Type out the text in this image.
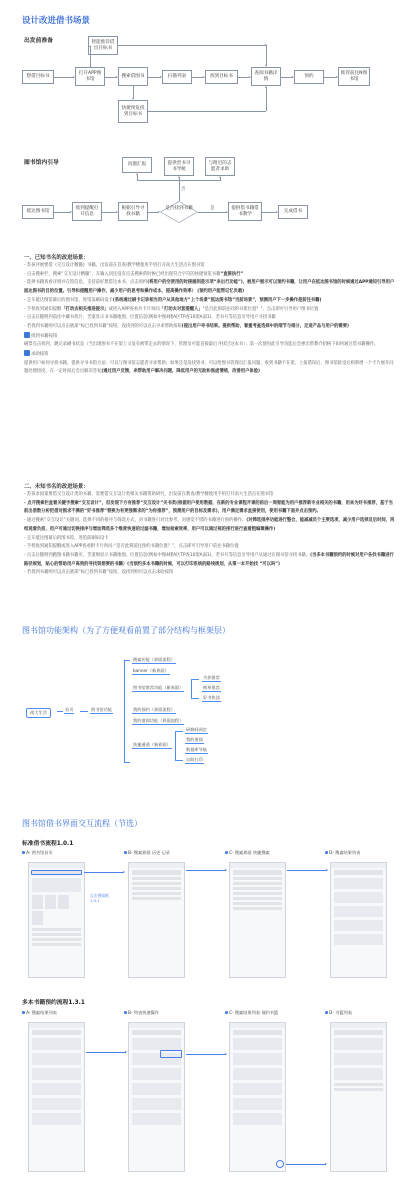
设计改进借书场景
出发前准备	智能推荐借出目标书
想借目标书
打开APP图书馆
搜索借图书	扫描列表	找到目标书
查阅书籍详情	预约
推荐前往N图书馆
快捷预览找到目标书
图书馆内引导	问题汇报	提供贵书寻书导航
与附近的志愿者求助
抵达图书馆
收到提醒打开信息
根据引导寻找书籍
是否找到书籍	提供借书籍借书教学	完成借书
是
否
一、已知书名的改进场景：

- 苏孩评展要借《交互设计精髓》书籍。出发前在首查/教学楼使用手机打开南大生活点在图书馆

- 点击搜索栏，搜索“交互设计精髓”，在输入同还没有点击搜索的时候已经出现符合字符的快捷预览书籍“直接执行”

- 选择书籍查看详情并在馆信息，支持前好想借这本书，点击预约(将用户的空使用的时接插到是示项“来出行功能”)，被用户展示可以预约书籍，让用户在抵达图书馆的时候通过APP通知引导用户面达图书的目的位置。引导和提醒用户操作，减少用户的思考和操作成本，提高操作效率） (预约用户能帮记忆负载)

- 走车抵达图馆幕后的图书馆，进馆前刷码设卡(系统通过刷卡记录相当用户从其他地方“上个场景”抵达图书馆“当前场景”，预测用户下一步操作是前往书籍)

- 手机收到通知提醒「打动去相关推进提示」或进入APP查看共卡片询问「打动去对套提醒人」"是否此刻前往同的书架位置？"，点击即可引导用户图书位置

- 点击后随明到前往中藏书找片，苦案显示书书籍地图，位置信息(例如中图4楼A区TP查10架A面1)，若书号等信息引导用户寻找书籍

- 若找到书籍则可以点击底部“标已找到书籍”按钮，没找到的可以点击寻求帮助按钮(提出用户寻书结果。提供帮助，着重考查选择中的细节与细分，足进产品与用户的需要)

找到书籍按钮

刷票点击找到，跳记录刷书状态（当出现图书不在架上又没有被带走去的情况下，管理员可能直接最后寻找过这本书）；第一次使用此引导功能后会弹出带教介绍格下如何通过借书籍操作。

求助按钮

提供用户如何寻找书籍，提供寻书书馆方法：可以与图书馆志愿者寻求帮助；如果还是没找到书，可以给图书管理员汇报问题，收到书籍不在架，上报错误后，图书馆接受后则新增一个卡片展开问题处理进度，在一定时间后会出解决答复(通过用户反馈，来帮助用户解决问题，降低用户的无助和焦虑情绪，改善用户体验)

二、未知书名的改进场景：

- 苏孩求国案要借交互设计类的书籍，需要借交互设计类相关书籍帮助研究，出发前在教查/教学楼使用手机打开南大生活点在图书馆

- 点开搜索栏直看关键字搜索“交互设计”，但发现下方有推荐“交互设计”关书类(根据用户使用数据，在新的专业课程开课的前后一周智能为用户推荐新专业相关的书籍，用来为好书推荐，基于当前出借数分析把借对图求不满的“好书推荐”替换为有更强需求的“为你推荐”，预测用户的目标及需求)，用户满足需求直接使用，使用书籍下面并点击预约。

- 通过搜索“交互设计”关键词，选择不同的排序与筛选方式，对书籍进行对比参考，对感觉不错的书籍进行预约操作。(对筛选排序功能进行整合，能减减员个主要选项，减少用户选择及后时间，再组观看负担，用户可通过切换排序与增加筛选多个维度快速的过滤书籍，增加检索效率，用户可以通过视的排行进行查看粗编辑操作)

- 走车抵达图幕后的图书馆，进馆前刷码设卡

- 手机收到通知提醒或进入APP查看附卡片询问-“是否此刻前往预约书籍位置？”，点击即可引导用户前往书籍位置

- 点击后随明到跑图书籍书籍页，苦道细显示书籍地图，位置信息(例如中图4楼A区TP查10架A面1)，若书号等信息引导用户从通过在图书馆寻找书籍。(当多本书籍预约的时候对用户各找书籍进行路径规划，贴心的帮助用户高效的寻找到想要的书籍）(当预约多本书籍的时候，可以打印系统的路线规划，从第一本开始找 “可以吗”)

- 若找到书籍则可以点击底部“标已找到书籍”按钮，没找到则可以点击求助按钮

图书馆功能架构（为了方便观看前置了部分结构与框架层）
南大生活
首页	图书馆功能
搜索功能（界面流程）
banner（新界面）
图书馆推荐功能（新界面）
我的预约（界面流程）
我的借阅功能（界面流程）
快捷通道（新界面）
为你推荐
榜单推荐
好书快读
研修间预定
我的借阅
数据库导航
自助打印
图书馆借书界面交互流程（节选）
标准借书流程1.0.1
A- 图书馆首页	B- 搜索界面 历史 记录	C- 搜索界面 快捷搜索	D- 搜索结果列表
点击搜索框
1.0.1
多本书籍预约流程1.3.1
A- 搜索结果列表	B- 列表快速操作	C- 搜索结果列表 预约书篮	D- 书篮列表
